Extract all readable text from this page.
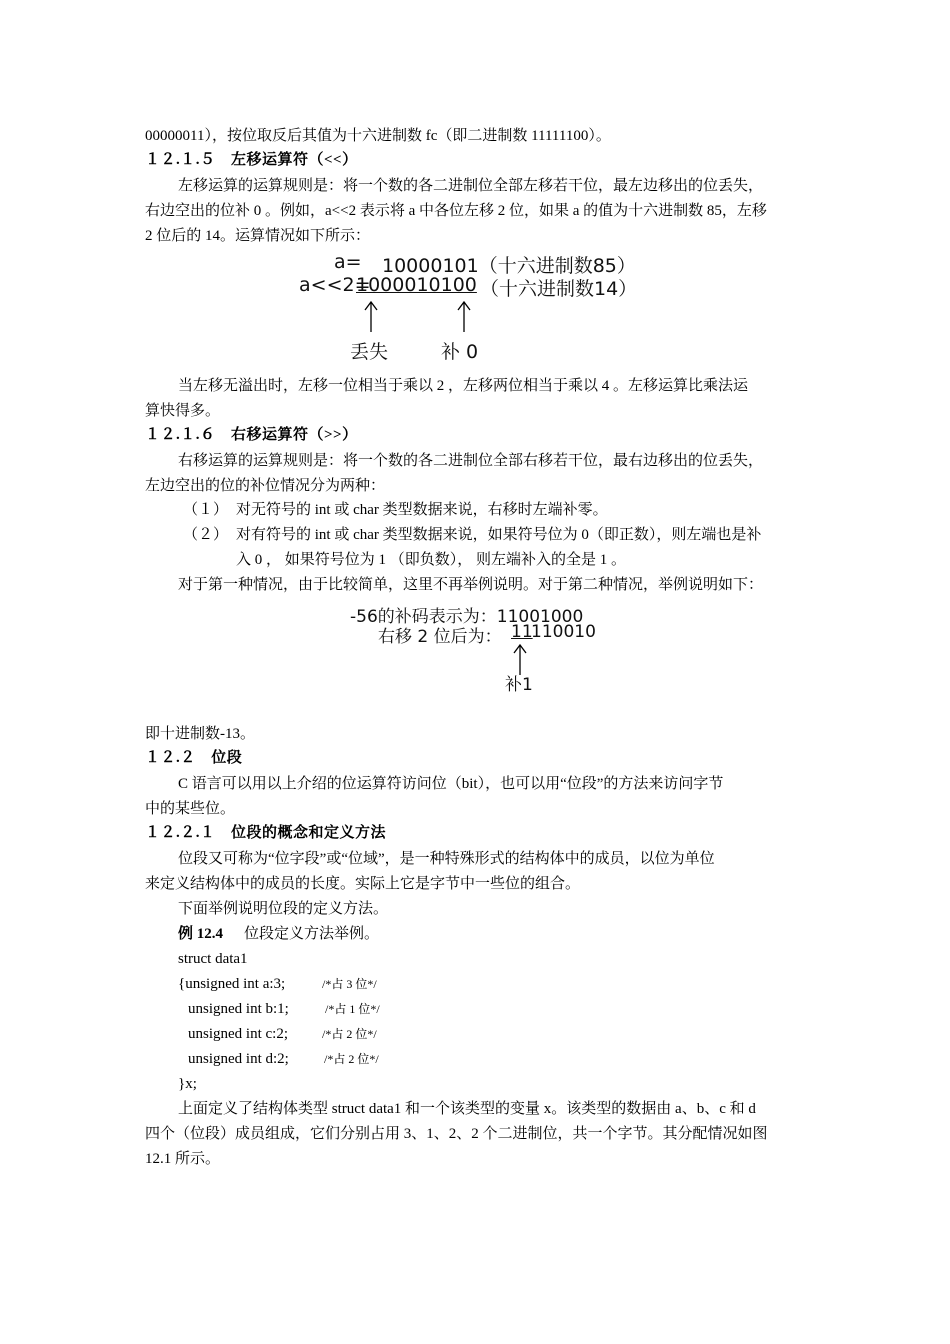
00000011），按位取反后其值为十六进制数 fc（即二进制数 11111100）。
１２.１.５　左移运算符（<<）
左移运算的运算规则是：将一个数的各二进制位全部左移若干位，最左边移出的位丢失，
右边空出的位补 0 。例如，a<<2 表示将 a 中各位左移 2 位，如果 a 的值为十六进制数 85，左移
2 位后的 14。运算情况如下所示：
a= 10000101（十六进制数85）
a<<2=
1000010100 （十六进制数14）
丢失	补 0
当左移无溢出时，左移一位相当于乘以 2 ，左移两位相当于乘以 4 。左移运算比乘法运
算快得多。
１２.１.６　右移运算符（>>）
右移运算的运算规则是：将一个数的各二进制位全部右移若干位，最右边移出的位丢失，
左边空出的位的补位情况分为两种：
（１） 对无符号的 int 或 char 类型数据来说，右移时左端补零。
（２） 对有符号的 int 或 char 类型数据来说，如果符号位为 0（即正数），则左端也是补
入 0 ， 如果符号位为 1 （即负数）， 则左端补入的全是 1 。
对于第一种情况，由于比较简单，这里不再举例说明。对于第二种情况，举例说明如下：
-56的补码表示为：11001000
右移 2 位后为： 11
110010
补1
即十进制数-13。
１２.２　位段
C 语言可以用以上介绍的位运算符访问位（bit），也可以用“位段”的方法来访问字节
中的某些位。
１２.２.１　位段的概念和定义方法
位段又可称为“位字段”或“位域”，是一种特殊形式的结构体中的成员，以位为单位
来定义结构体中的成员的长度。实际上它是字节中一些位的组合。
下面举例说明位段的定义方法。
例 12.4 位段定义方法举例。
struct data1
{unsigned int a:3;	/*占 3 位*/
unsigned int b:1;	/*占 1 位*/
unsigned int c:2;	/*占 2 位*/
unsigned int d:2;	/*占 2 位*/
}x;
上面定义了结构体类型 struct data1 和一个该类型的变量 x。该类型的数据由 a、b、c 和 d
四个（位段）成员组成，它们分别占用 3、1、2、2 个二进制位，共一个字节。其分配情况如图
12.1 所示。
